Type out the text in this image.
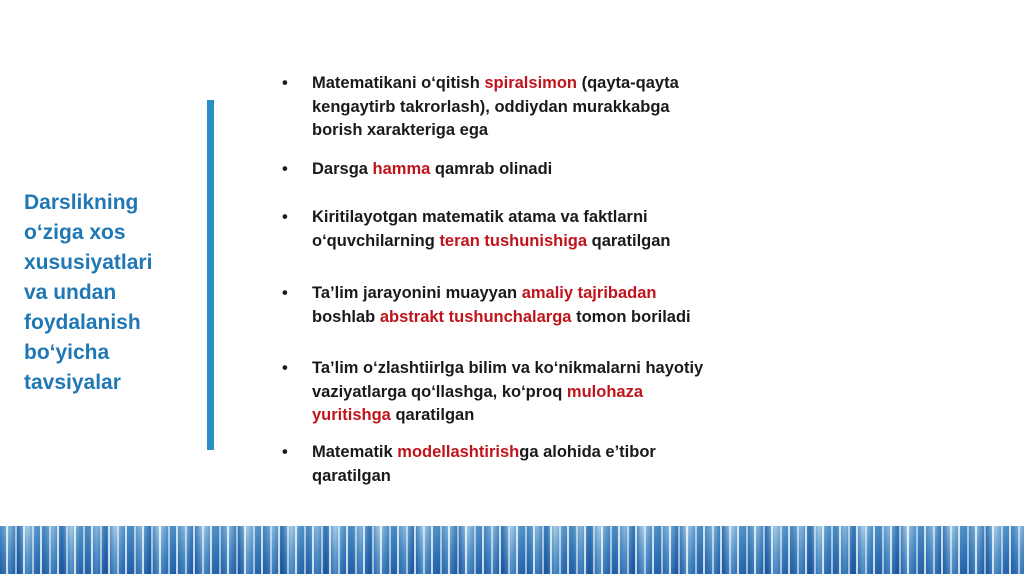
Darslikning
o‘ziga xos
xususiyatlari
va undan
foydalanish
bo‘yicha
tavsiyalar
•	Matematikani o‘qitish spiralsimon (qayta-qayta
kengaytirb takrorlash), oddiydan murakkabga
borish xarakteriga ega
•	Darsga hamma qamrab olinadi
•	Kiritilayotgan matematik atama va faktlarni
o‘quvchilarning teran tushunishiga qaratilgan
•	Ta’lim jarayonini muayyan amaliy tajribadan
boshlab abstrakt tushunchalarga tomon boriladi
•	Ta’lim o‘zlashtiirlga bilim va ko‘nikmalarni hayotiy
vaziyatlarga qo‘llashga, ko‘proq mulohaza
yuritishga qaratilgan
•	Matematik modellashtirishga alohida e’tibor
qaratilgan
